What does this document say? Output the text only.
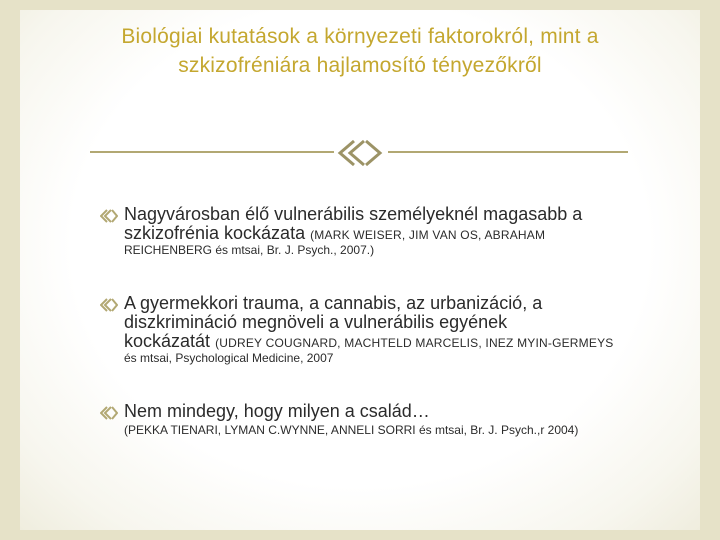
Biológiai kutatások a környezeti faktorokról, mint a
szkizofréniára hajlamosító tényezőkről
Nagyvárosban élő vulnerábilis személyeknél magasabb a
szkizofrénia kockázata (MARK WEISER, JIM VAN OS, ABRAHAM
REICHENBERG és mtsai, Br. J. Psych., 2007.)
A gyermekkori trauma, a cannabis, az urbanizáció, a
diszkrimináció megnöveli a vulnerábilis egyének
kockázatát (UDREY COUGNARD, MACHTELD MARCELIS, INEZ MYIN-GERMEYS
és mtsai, Psychological Medicine, 2007
Nem mindegy, hogy milyen a család…
(PEKKA TIENARI, LYMAN C.WYNNE, ANNELI SORRI és mtsai, Br. J. Psych.,r 2004)
